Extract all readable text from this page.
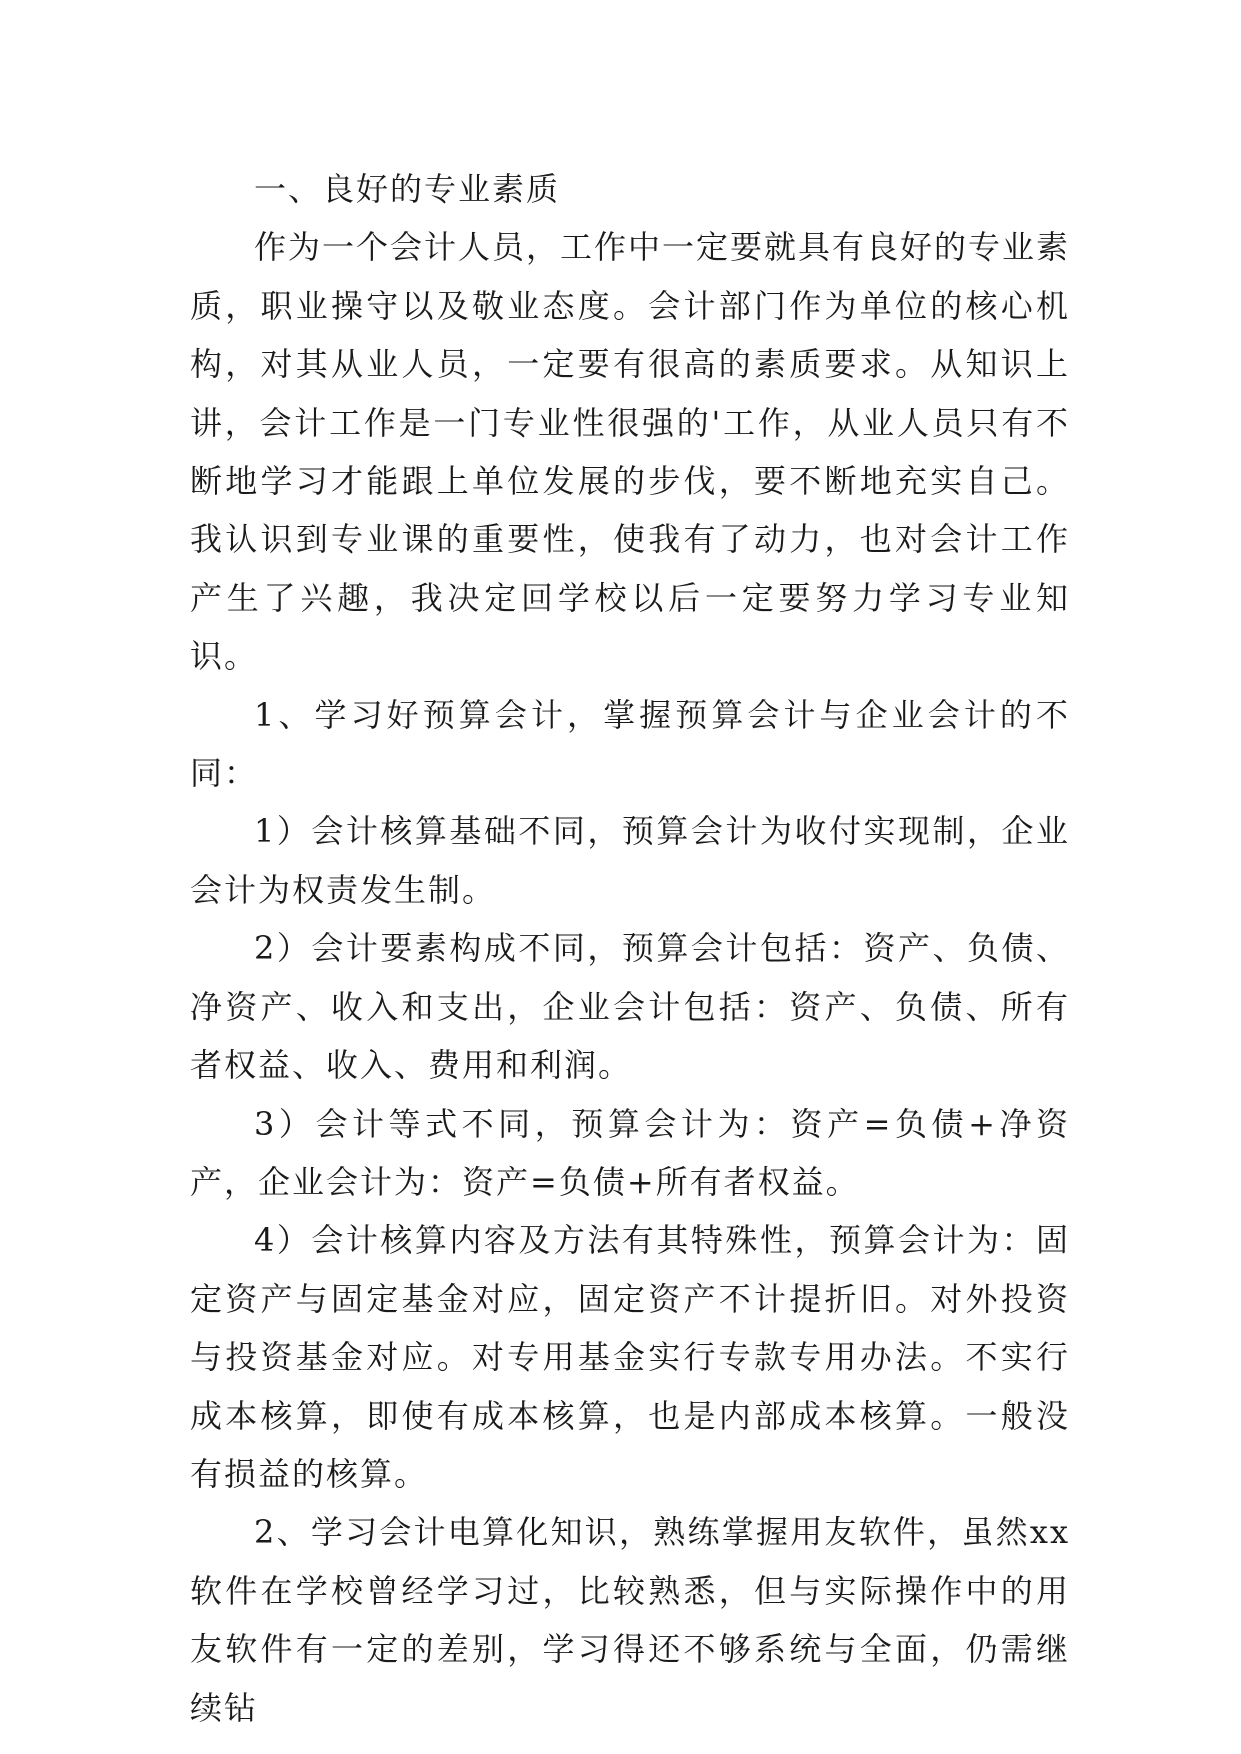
一、良好的专业素质

作为一个会计人员，工作中一定要就具有良好的专业素质，职业操守以及敬业态度。会计部门作为单位的核心机构，对其从业人员，一定要有很高的素质要求。从知识上讲，会计工作是一门专业性很强的'工作，从业人员只有不断地学习才能跟上单位发展的步伐，要不断地充实自己。我认识到专业课的重要性，使我有了动力，也对会计工作产生了兴趣，我决定回学校以后一定要努力学习专业知识。

1、学习好预算会计，掌握预算会计与企业会计的不同：

1）会计核算基础不同，预算会计为收付实现制，企业会计为权责发生制。

2）会计要素构成不同，预算会计包括：资产、负债、净资产、收入和支出，企业会计包括：资产、负债、所有者权益、收入、费用和利润。

3）会计等式不同，预算会计为：资产=负债+净资产，企业会计为：资产=负债+所有者权益。

4）会计核算内容及方法有其特殊性，预算会计为：固定资产与固定基金对应，固定资产不计提折旧。对外投资与投资基金对应。对专用基金实行专款专用办法。不实行成本核算，即使有成本核算，也是内部成本核算。一般没有损益的核算。

2、学习会计电算化知识，熟练掌握用友软件，虽然xx软件在学校曾经学习过，比较熟悉，但与实际操作中的用友软件有一定的差别，学习得还不够系统与全面，仍需继续钻
